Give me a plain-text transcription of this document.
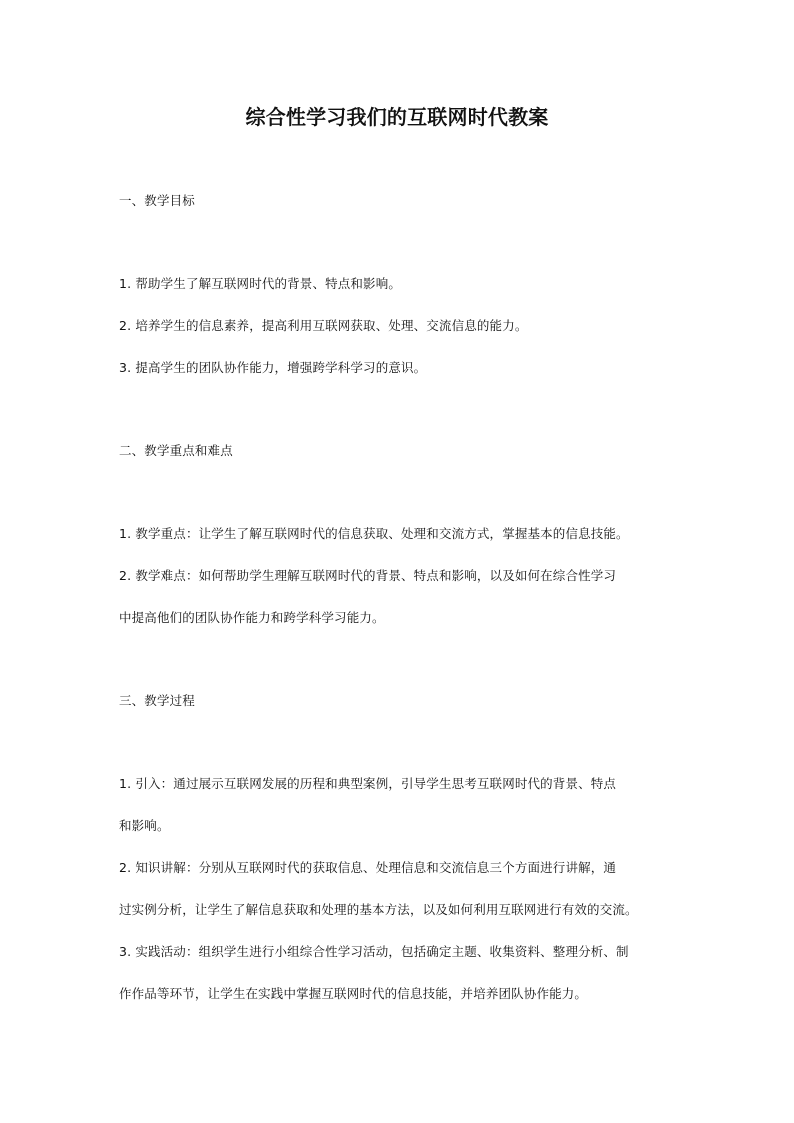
综合性学习我们的互联网时代教案
一、教学目标
1. 帮助学生了解互联网时代的背景、特点和影响。
2. 培养学生的信息素养，提高利用互联网获取、处理、交流信息的能力。
3. 提高学生的团队协作能力，增强跨学科学习的意识。
二、教学重点和难点
1. 教学重点：让学生了解互联网时代的信息获取、处理和交流方式，掌握基本的信息技能。
2. 教学难点：如何帮助学生理解互联网时代的背景、特点和影响，以及如何在综合性学习
中提高他们的团队协作能力和跨学科学习能力。
三、教学过程
1. 引入：通过展示互联网发展的历程和典型案例，引导学生思考互联网时代的背景、特点
和影响。
2. 知识讲解：分别从互联网时代的获取信息、处理信息和交流信息三个方面进行讲解，通
过实例分析，让学生了解信息获取和处理的基本方法，以及如何利用互联网进行有效的交流。
3. 实践活动：组织学生进行小组综合性学习活动，包括确定主题、收集资料、整理分析、制
作作品等环节，让学生在实践中掌握互联网时代的信息技能，并培养团队协作能力。
